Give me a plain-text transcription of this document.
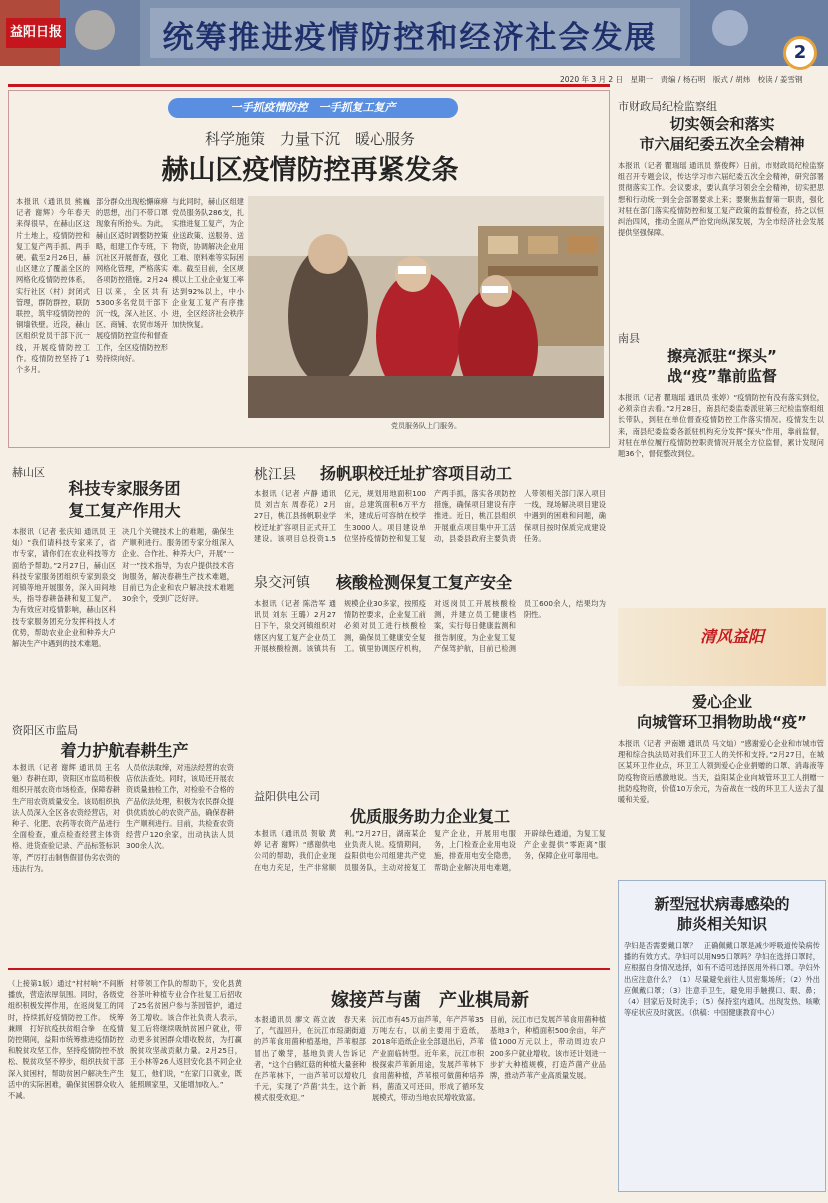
益阳日报	统筹推进疫情防控和经济社会发展	2
2020 年 3 月 2 日　星期一　责编 / 杨石明　版式 / 胡炜　校读 / 姜雪钢
一手抓疫情防控　一手抓复工复产
科学施策　力量下沉　暖心服务
赫山区疫情防控再紧发条
本报讯（通讯员 熊巍 记者 谢辉）今年春天来得很早，在赫山区这片土地上，疫情防控和复工复产两手抓、两手硬。截至2月26日，赫山区建立了覆盖全区的网格化疫情防控体系，实行社区（村）封闭式管理，群防群控，联防联控，筑牢疫情防控的铜墙铁壁。近段，赫山区组织党员干部下沉一线，开展疫情防控工作。疫情防控坚持了1个多月。
部分群众出现松懈麻痹的思想，出门不带口罩现象有所抬头。为此，赫山区适时调整防控策略，组建工作专班，下沉社区开展督查，强化网格化管理，严格落实各项防控措施。2月24日以来，全区共有5300多名党员干部下沉一线，深入社区、小区、商铺、农贸市场开展疫情防控宣传和督查工作，全区疫情防控形势持续向好。
与此同时，赫山区组建党员服务队286支，扎实推进复工复产，为企业送政策、送服务、送物资，协调解决企业用工难、原料难等实际困难。截至目前，全区规模以上工业企业复工率达到92%以上，中小企业复工复产有序推进，全区经济社会秩序加快恢复。
党员服务队上门服务。
赫山区
科技专家服务团
复工复产作用大
本报讯（记者 张庆知 通讯员 王灿）“我们请科技专家来了，省市专家，请你们在农业科技等方面给予帮助。”2月27日，赫山区科技专家服务团组织专家到泉交河镇等地开展服务，深入田间地头，指导春耕备耕和复工复产。为有效应对疫情影响，赫山区科技专家服务团充分发挥科技人才优势，帮助农业企业和种养大户解决生产中遇到的技术难题。
决几个关键技术上的难题，确保生产顺利进行。服务团专家分组深入企业、合作社、种养大户，开展“一对一”技术指导，为农户提供技术咨询服务，解决春耕生产技术难题，目前已为企业和农户解决技术难题30余个，受到广泛好评。
桃江县 扬帆职校迁址扩容项目动工
本报讯（记者 卢静 通讯员 刘吉东 周春花）2月27日，桃江县扬帆职业学校迁址扩容项目正式开工建设。该项目总投资1.5亿元，规划用地面积100亩，总建筑面积6万平方米，建成后可容纳在校学生3000人。项目建设单位坚持疫情防控和复工复产两手抓，落实各项防控措施，确保项目建设有序推进。近日，桃江县组织开展重点项目集中开工活动，县委县政府主要负责人带领相关部门深入项目一线，现场解决项目建设中遇到的困难和问题，确保项目按时保质完成建设任务。
泉交河镇 核酸检测保复工复产安全
本报讯（记者 陈浩军 通讯员 刘东 王璐）2月27日下午，泉交河镇组织对辖区内复工复产企业员工开展核酸检测。该镇共有规模企业30多家，按照疫情防控要求，企业复工前必须对员工进行核酸检测，确保员工健康安全复工。镇里协调医疗机构，对返岗员工开展核酸检测，并建立员工健康档案，实行每日健康监测和报告制度，为企业复工复产保驾护航，目前已检测员工600余人，结果均为阴性。
资阳区市监局
着力护航春耕生产
本报讯（记者 谢辉 通讯员 王名魁）春耕在即，资阳区市监局积极组织开展农资市场检查，保障春耕生产用农资质量安全。该局组织执法人员深入全区各农资经营店，对种子、化肥、农药等农资产品进行全面检查，重点检查经营主体资格、进货查验记录、产品标签标识等，严厉打击制售假冒伪劣农资的违法行为。
人员依法取缔，对违法经营的农资店依法查处。同时，该局还开展农资质量抽检工作，对检验不合格的产品依法处理，积极为农民群众提供优质放心的农资产品，确保春耕生产顺利进行。目前，共检查农资经营户120余家，出动执法人员300余人次。
益阳供电公司
优质服务助力企业复工
本报讯（通讯员 贺敏 黄婷 记者 谢辉）“感谢供电公司的帮助，我们企业现在电力充足，生产非常顺利。”2月27日，湖南某企业负责人说。疫情期间，益阳供电公司组建共产党员服务队，主动对接复工复产企业，开展用电服务，上门检查企业用电设施，排查用电安全隐患，帮助企业解决用电难题，开辟绿色通道，为复工复产企业提供“零距离”服务，保障企业可靠用电。
市财政局纪检监察组
切实领会和落实
市六届纪委五次全会精神
本报讯（记者 瞿瑞瑶 通讯员 蔡俊辉）日前，市财政局纪检监察组召开专题会议，传达学习市六届纪委五次全会精神，研究部署贯彻落实工作。会议要求，要认真学习领会全会精神，切实把思想和行动统一到全会部署要求上来；要聚焦监督第一职责，强化对驻在部门落实疫情防控和复工复产政策的监督检查，持之以恒纠治四风，推动全面从严治党向纵深发展，为全市经济社会发展提供坚强保障。
南县
擦亮派驻“探头”
战“疫”靠前监督
本报讯（记者 瞿瑞瑶 通讯员 张婷）“疫情防控有没有落实到位，必须亲自去看。”2月28日，南县纪委监委派驻第三纪检监察组组长带队，到驻在单位督查疫情防控工作落实情况。疫情发生以来，南县纪委监委各派驻机构充分发挥“探头”作用，靠前监督，对驻在单位履行疫情防控职责情况开展全方位监督，累计发现问题36个，督促整改到位。
清风益阳
爱心企业
向城管环卫捐物助战“疫”
本报讯（记者 尹南姗 通讯员 马文灿）“感谢爱心企业和市城市管理和综合执法局对我们环卫工人的关怀和支持。”2月27日，在城区某环卫作业点，环卫工人领到爱心企业捐赠的口罩、消毒液等防疫物资后感激地说。当天，益阳某企业向城管环卫工人捐赠一批防疫物资，价值10万余元，为奋战在一线的环卫工人送去了温暖和关爱。
新型冠状病毒感染的
肺炎相关知识
孕妇是否需要戴口罩？　正确佩戴口罩是减少呼吸道传染病传播的有效方式。孕妇可以用N95口罩吗？孕妇在选择口罩时，应根据自身情况选择，如有不适可选择医用外科口罩。孕妇外出应注意什么？（1）尽量避免前往人员密集场所；（2）外出应佩戴口罩；（3）注意手卫生，避免用手触摸口、眼、鼻；（4）回家后及时洗手；（5）保持室内通风。出现发热、咳嗽等症状应及时就医。（供稿：中国健康教育中心）
（上接第1版）通过“村村响”不间断播放，营造浓厚氛围。同时，各级党组织积极发挥作用，在返岗复工的同时，持续抓好疫情防控工作。　统筹兼顾　打好抗疫扶贫组合拳　在疫情防控期间，益阳市统筹推进疫情防控和脱贫攻坚工作，坚持疫情防控不放松、脱贫攻坚不停步，组织扶贫干部深入贫困村，帮助贫困户解决生产生活中的实际困难，确保贫困群众收入不减。
村带领工作队的帮助下，安化县黄谷茶叶种植专业合作社复工后招收了25名贫困户参与茶园管护，通过务工增收。该合作社负责人表示，复工后将继续吸纳贫困户就业，带动更多贫困群众增收脱贫，为打赢脱贫攻坚战贡献力量。2月25日，王小林等26人返回安化县不同企业复工，他们说，“在家门口就业，既能照顾家里，又能增加收入。”
嫁接芦与菌　产业棋局新
本报通讯员 廖文 蒋立波　春天来了，气温回升，在沅江市琼湖街道的芦苇食用菌种植基地，芦苇根部冒出了嫩芽，基地负责人告诉记者，“这个白鹤红菇的种植大量套种在芦苇林下，一亩芦苇可以增收几千元，实现了‘芦菌’共生，这个新模式很受欢迎。”
沅江市有45万亩芦苇，年产芦苇35万吨左右，以前主要用于造纸，2018年造纸企业全部退出后，芦苇产业面临转型。近年来，沅江市积极探索芦苇新用途，发展芦苇林下食用菌种植，芦苇根可做菌种培养料，菌渣又可还田，形成了循环发展模式，带动当地农民增收致富。
目前，沅江市已发展芦苇食用菌种植基地3个，种植面积500余亩，年产值1000万元以上，带动周边农户200多户就业增收。该市还计划进一步扩大种植规模，打造芦菌产业品牌，推动芦苇产业高质量发展。
